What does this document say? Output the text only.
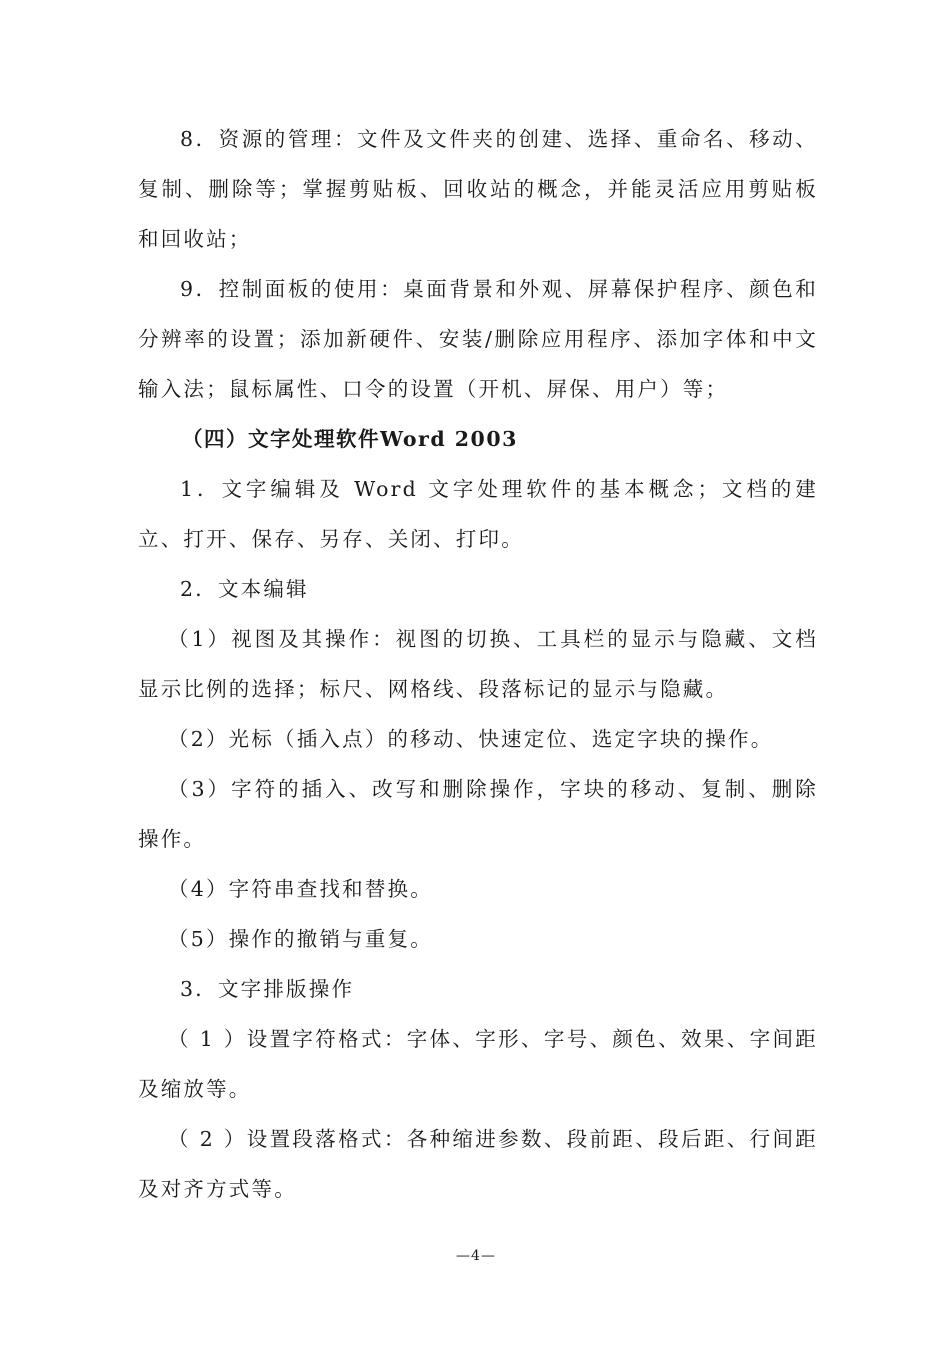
8．资源的管理：文件及文件夹的创建、选择、重命名、移动、复制、删除等；掌握剪贴板、回收站的概念，并能灵活应用剪贴板和回收站；

9．控制面板的使用：桌面背景和外观、屏幕保护程序、颜色和分辨率的设置；添加新硬件、安装/删除应用程序、添加字体和中文输入法；鼠标属性、口令的设置（开机、屏保、用户）等；

（四）文字处理软件Word 2003

1．文字编辑及 Word 文字处理软件的基本概念；文档的建立、打开、保存、另存、关闭、打印。

2．文本编辑

（1）视图及其操作：视图的切换、工具栏的显示与隐藏、文档显示比例的选择；标尺、网格线、段落标记的显示与隐藏。

（2）光标（插入点）的移动、快速定位、选定字块的操作。

（3）字符的插入、改写和删除操作，字块的移动、复制、删除操作。

（4）字符串查找和替换。

（5）操作的撤销与重复。

3．文字排版操作

（ 1 ）设置字符格式：字体、字形、字号、颜色、效果、字间距及缩放等。

（ 2 ）设置段落格式：各种缩进参数、段前距、段后距、行间距及对齐方式等。

—4—
